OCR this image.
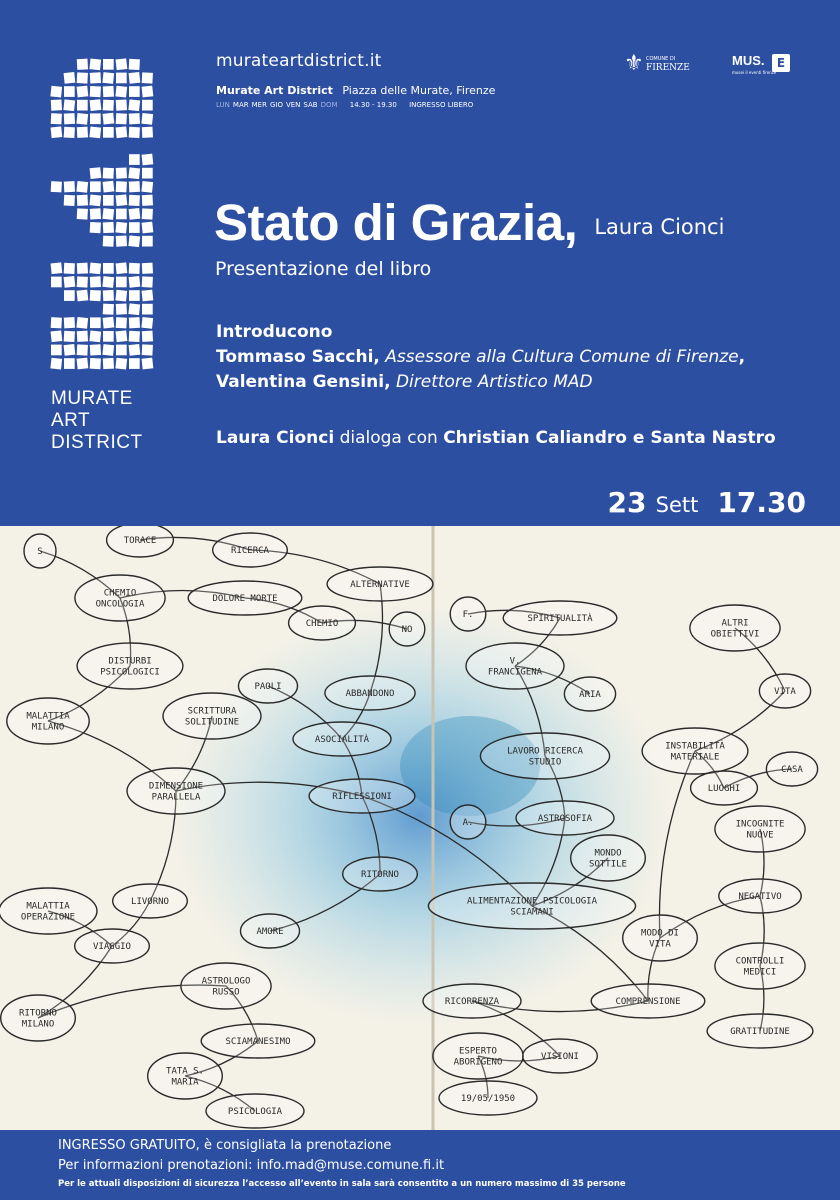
MURATE
ART
DISTRICT
murateartdistrict.it
Murate Art District Piazza delle Murate, Firenze
LUN MAR MER GIO VEN SAB DOM 14.30 - 19.30 INGRESSO LIBERO
⚜ COMUNE DI
FIRENZE	MUS.	E
musei il eventi firenze
Stato di Grazia, Laura Cionci
Presentazione del libro
Introducono
Tommaso Sacchi, Assessore alla Cultura Comune di Firenze,
Valentina Gensini, Direttore Artistico MAD
Laura Cionci dialoga con Christian Caliandro e Santa Nastro
23 Sett 17.30
S
TORACE
RICERCA
ALTERNATIVE
CHEMIO
ONCOLOGIA
DOLORE MORTE
CHEMIO
NO
DISTURBI
PSICOLOGICI
ABBANDONO
MALATTIA
MILANO
SCRITTURA
SOLITUDINE
PAOLI
ASOCIALITÀ
DIMENSIONE
PARALLELA	RIFLESSIONI
RITORNO
AMORE
LIVORNO
MALATTIA
OPERAZIONE
VIAGGIO
RITORNO
MILANO
ASTROLOGO
RUSSO
SCIAMANESIMO
TATA S.
MARIA
PSICOLOGIA
F.	SPIRITUALITÀ
V.
FRANCIGENA
ARIA
LAVORO RICERCA
STUDIO
ASTROSOFIA
MONDO
SOTTILE
A.
ALIMENTAZIONE PSICOLOGIA
SCIAMANI
COMPRENSIONE
MODO DI
VITA
ALTRI
OBIETTIVI
VITA
INSTABILITÀ
MATERIALE
CASA
LUOGHI
INCOGNITE
NUOVE
NEGATIVO
CONTROLLI
MEDICI
GRATITUDINE
RICORRENZA
VISIONI
ESPERTO
ABORIGENO
19/05/1950
INGRESSO GRATUITO, è consigliata la prenotazione
Per informazioni prenotazioni: info.mad@muse.comune.fi.it
Per le attuali disposizioni di sicurezza l’accesso all’evento in sala sarà consentito a un numero massimo di 35 persone
